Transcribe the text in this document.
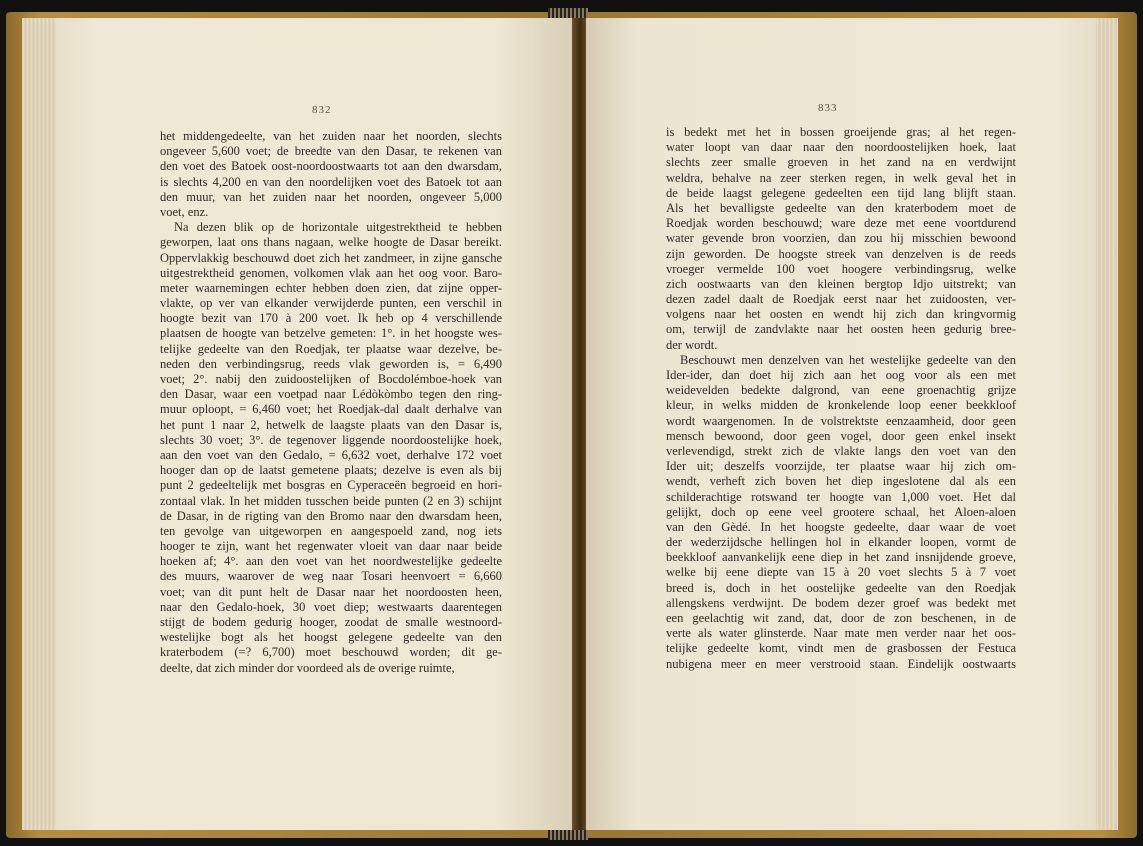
832
het middengedeelte, van het zuiden naar het noorden, slechts
ongeveer 5,600 voet; de breedte van den Dasar, te rekenen van
den voet des Batoek oost-noordoostwaarts tot aan den dwarsdam,
is slechts 4,200 en van den noordelijken voet des Batoek tot aan
den muur, van het zuiden naar het noorden, ongeveer 5,000
voet, enz.
Na dezen blik op de horizontale uitgestrektheid te hebben
geworpen, laat ons thans nagaan, welke hoogte de Dasar bereikt.
Oppervlakkig beschouwd doet zich het zandmeer, in zijne gansche
uitgestrektheid genomen, volkomen vlak aan het oog voor. Baro-
meter waarnemingen echter hebben doen zien, dat zijne opper-
vlakte, op ver van elkander verwijderde punten, een verschil in
hoogte bezit van 170 à 200 voet. Ik heb op 4 verschillende
plaatsen de hoogte van betzelve gemeten: 1°. in het hoogste wes-
telijke gedeelte van den Roedjak, ter plaatse waar dezelve, be-
neden den verbindingsrug, reeds vlak geworden is, = 6,490
voet; 2°. nabij den zuidoostelijken of Bocdolémboe-hoek van
den Dasar, waar een voetpad naar Lédòkòmbo tegen den ring-
muur oploopt, = 6,460 voet; het Roedjak-dal daalt derhalve van
het punt 1 naar 2, hetwelk de laagste plaats van den Dasar is,
slechts 30 voet; 3°. de tegenover liggende noordoostelijke hoek,
aan den voet van den Gedalo, = 6,632 voet, derhalve 172 voet
hooger dan op de laatst gemetene plaats; dezelve is even als bij
punt 2 gedeeltelijk met bosgras en Cyperaceën begroeid en hori-
zontaal vlak. In het midden tusschen beide punten (2 en 3) schijnt
de Dasar, in de rigting van den Bromo naar den dwarsdam heen,
ten gevolge van uitgeworpen en aangespoeld zand, nog iets
hooger te zijn, want het regenwater vloeit van daar naar beide
hoeken af; 4°. aan den voet van het noordwestelijke gedeelte
des muurs, waarover de weg naar Tosari heenvoert = 6,660
voet; van dit punt helt de Dasar naar het noordoosten heen,
naar den Gedalo-hoek, 30 voet diep; westwaarts daarentegen
stijgt de bodem gedurig hooger, zoodat de smalle westnoord-
westelijke bogt als het hoogst gelegene gedeelte van den
kraterbodem (=? 6,700) moet beschouwd worden; dit ge-
deelte, dat zich minder dor voordeed als de overige ruimte,
833
is bedekt met het in bossen groeijende gras; al het regen-
water loopt van daar naar den noordoostelijken hoek, laat
slechts zeer smalle groeven in het zand na en verdwijnt
weldra, behalve na zeer sterken regen, in welk geval het in
de beide laagst gelegene gedeelten een tijd lang blijft staan.
Als het bevalligste gedeelte van den kraterbodem moet de
Roedjak worden beschouwd; ware deze met eene voortdurend
water gevende bron voorzien, dan zou hij misschien bewoond
zijn geworden. De hoogste streek van denzelven is de reeds
vroeger vermelde 100 voet hoogere verbindingsrug, welke
zich oostwaarts van den kleinen bergtop Idjo uitstrekt; van
dezen zadel daalt de Roedjak eerst naar het zuidoosten, ver-
volgens naar het oosten en wendt hij zich dan kringvormig
om, terwijl de zandvlakte naar het oosten heen gedurig bree-
der wordt.
Beschouwt men denzelven van het westelijke gedeelte van den
Ider-ider, dan doet hij zich aan het oog voor als een met
weidevelden bedekte dalgrond, van eene groenachtig grijze
kleur, in welks midden de kronkelende loop eener beekkloof
wordt waargenomen. In de volstrektste eenzaamheid, door geen
mensch bewoond, door geen vogel, door geen enkel insekt
verlevendigd, strekt zich de vlakte langs den voet van den
Ider uit; deszelfs voorzijde, ter plaatse waar hij zich om-
wendt, verheft zich boven het diep ingeslotene dal als een
schilderachtige rotswand ter hoogte van 1,000 voet. Het dal
gelijkt, doch op eene veel grootere schaal, het Aloen-aloen
van den Gèdé. In het hoogste gedeelte, daar waar de voet
der wederzijdsche hellingen hol in elkander loopen, vormt de
beekkloof aanvankelijk eene diep in het zand insnijdende groeve,
welke bij eene diepte van 15 à 20 voet slechts 5 à 7 voet
breed is, doch in het oostelijke gedeelte van den Roedjak
allengskens verdwijnt. De bodem dezer groef was bedekt met
een geelachtig wit zand, dat, door de zon beschenen, in de
verte als water glinsterde. Naar mate men verder naar het oos-
telijke gedeelte komt, vindt men de grasbossen der Festuca
nubigena meer en meer verstrooid staan. Eindelijk oostwaarts
